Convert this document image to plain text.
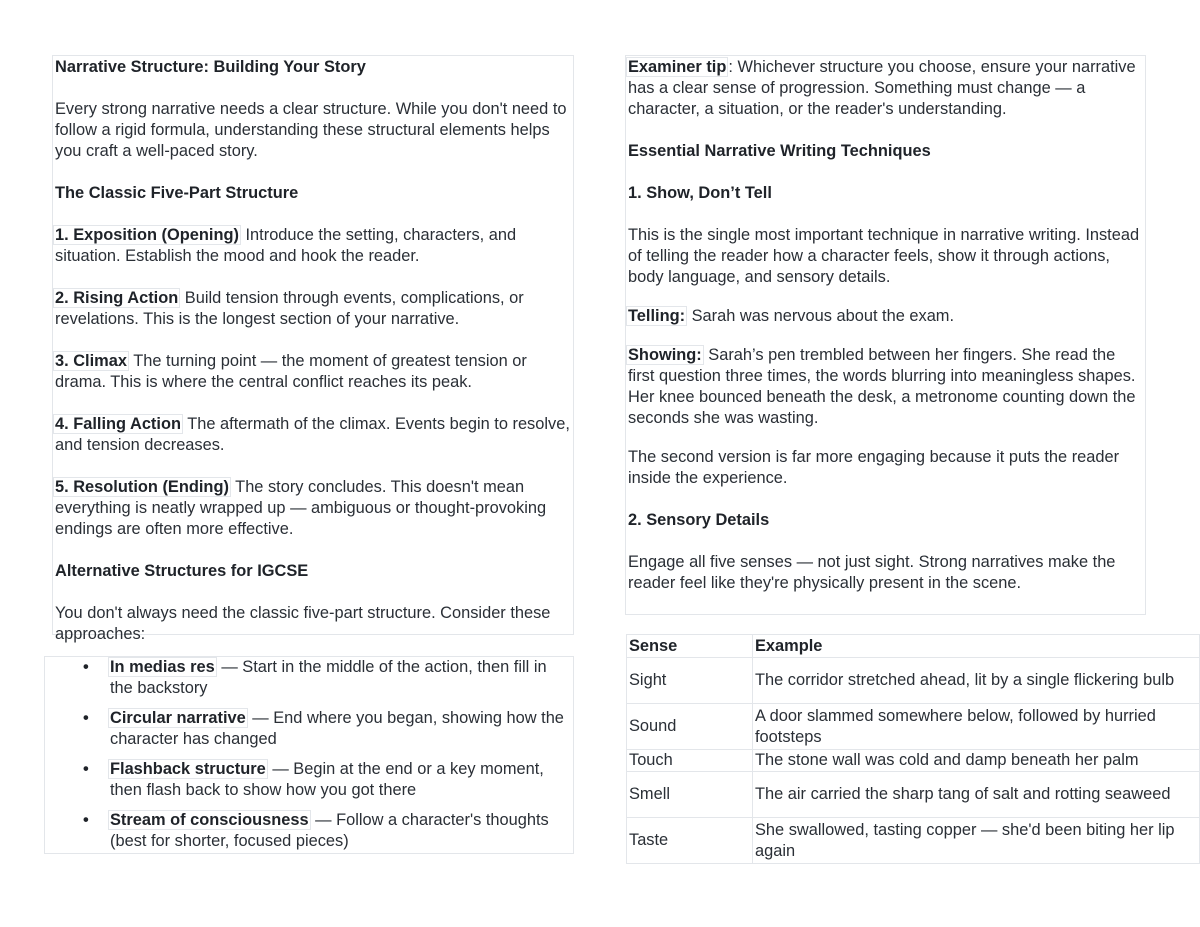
Narrative Structure: Building Your Story

Every strong narrative needs a clear structure. While you don't need to follow a rigid formula, understanding these structural elements helps you craft a well-paced story.

The Classic Five-Part Structure

1. Exposition (Opening) Introduce the setting, characters, and situation. Establish the mood and hook the reader.

2. Rising Action Build tension through events, complications, or revelations. This is the longest section of your narrative.

3. Climax The turning point — the moment of greatest tension or drama. This is where the central conflict reaches its peak.

4. Falling Action The aftermath of the climax. Events begin to resolve, and tension decreases.

5. Resolution (Ending) The story concludes. This doesn't mean everything is neatly wrapped up — ambiguous or thought-provoking endings are often more effective.

Alternative Structures for IGCSE

You don't always need the classic five-part structure. Consider these approaches:

• In medias res — Start in the middle of the action, then fill in the backstory
• Circular narrative — End where you began, showing how the character has changed
• Flashback structure — Begin at the end or a key moment, then flash back to show how you got there
• Stream of consciousness — Follow a character's thoughts (best for shorter, focused pieces)

Examiner tip : Whichever structure you choose, ensure your narrative has a clear sense of progression. Something must change — a character, a situation, or the reader's understanding.

Essential Narrative Writing Techniques
1. Show, Don’t Tell

This is the single most important technique in narrative writing. Instead of telling the reader how a character feels, show it through actions, body language, and sensory details.

Telling: Sarah was nervous about the exam.

Showing: Sarah’s pen trembled between her fingers. She read the first question three times, the words blurring into meaningless shapes. Her knee bounced beneath the desk, a metronome counting down the seconds she was wasting.

The second version is far more engaging because it puts the reader inside the experience.

2. Sensory Details

Engage all five senses — not just sight. Strong narratives make the reader feel like they're physically present in the scene.

Sense	Example
Sight	The corridor stretched ahead, lit by a single flickering bulb
Sound	A door slammed somewhere below, followed by hurried footsteps
Touch	The stone wall was cold and damp beneath her palm
Smell	The air carried the sharp tang of salt and rotting seaweed
Taste	She swallowed, tasting copper — she'd been biting her lip again
